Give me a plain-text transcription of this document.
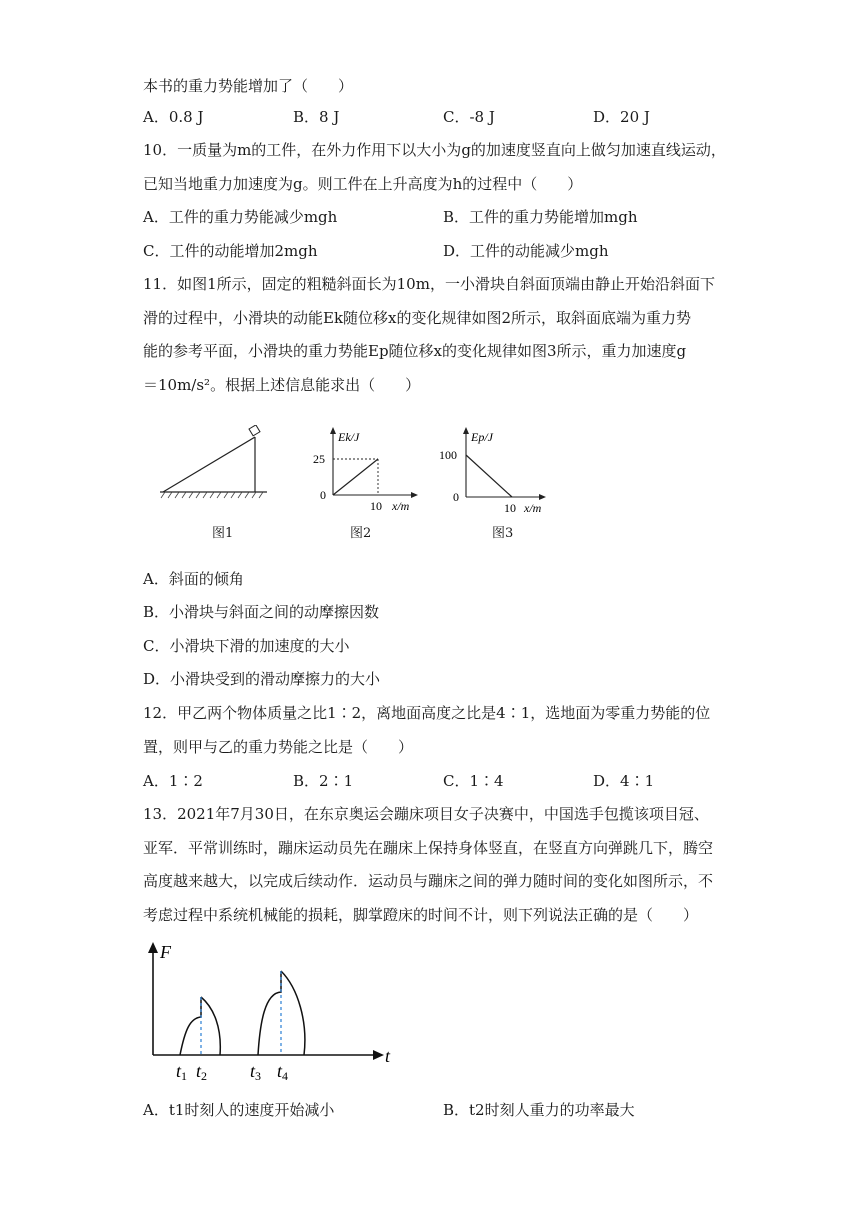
本书的重力势能增加了（　　）
A．0.8 J	B．8 J	C．-8 J	D．20 J
10．一质量为m的工件，在外力作用下以大小为g的加速度竖直向上做匀加速直线运动，
已知当地重力加速度为g。则工件在上升高度为h的过程中（　　）
A．工件的重力势能减少mgh	B．工件的重力势能增加mgh
C．工件的动能增加2mgh	D．工件的动能减少mgh
11．如图1所示，固定的粗糙斜面长为10m，一小滑块自斜面顶端由静止开始沿斜面下
滑的过程中，小滑块的动能Ek随位移x的变化规律如图2所示，取斜面底端为重力势
能的参考平面，小滑块的重力势能Ep随位移x的变化规律如图3所示，重力加速度g
＝10m/s²。根据上述信息能求出（　　）
图1
Ek/J
25
0
10 x/m
图2
Ep/J
100
0
10 x/m
图3
A．斜面的倾角
B．小滑块与斜面之间的动摩擦因数
C．小滑块下滑的加速度的大小
D．小滑块受到的滑动摩擦力的大小
12．甲乙两个物体质量之比1∶2，离地面高度之比是4∶1，选地面为零重力势能的位
置，则甲与乙的重力势能之比是（　　）
A．1∶2	B．2∶1	C．1∶4	D．4∶1
13．2021年7月30日，在东京奥运会蹦床项目女子决赛中，中国选手包揽该项目冠、
亚军．平常训练时，蹦床运动员先在蹦床上保持身体竖直，在竖直方向弹跳几下，腾空
高度越来越大，以完成后续动作．运动员与蹦床之间的弹力随时间的变化如图所示，不
考虑过程中系统机械能的损耗，脚掌蹬床的时间不计，则下列说法正确的是（　　）
F
t
t1 t2 t3 t4
A．t1时刻人的速度开始减小	B．t2时刻人重力的功率最大
